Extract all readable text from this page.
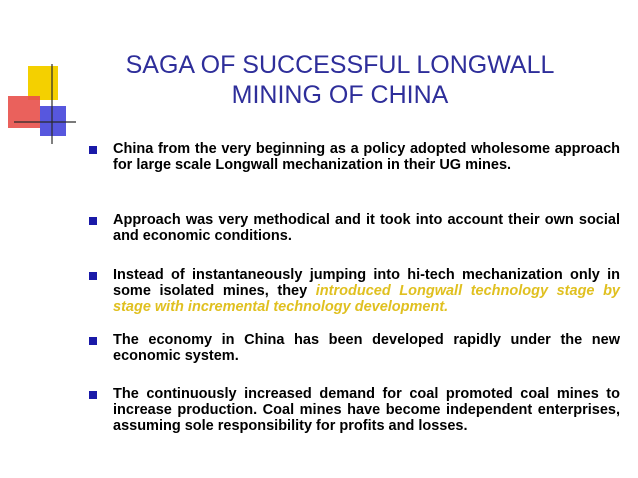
SAGA OF SUCCESSFUL LONGWALL
MINING OF CHINA
China from the very beginning as a policy adopted wholesome approach for large scale Longwall mechanization in their UG mines.
Approach was very methodical and it took into account their own social and economic conditions.
Instead of instantaneously jumping into hi-tech mechanization only in some isolated mines, they introduced Longwall technology stage by stage with incremental technology development.
The economy in China has been developed rapidly under the new economic system.
The continuously increased demand for coal promoted coal mines to increase production. Coal mines have become independent enterprises, assuming sole responsibility for profits and losses.
